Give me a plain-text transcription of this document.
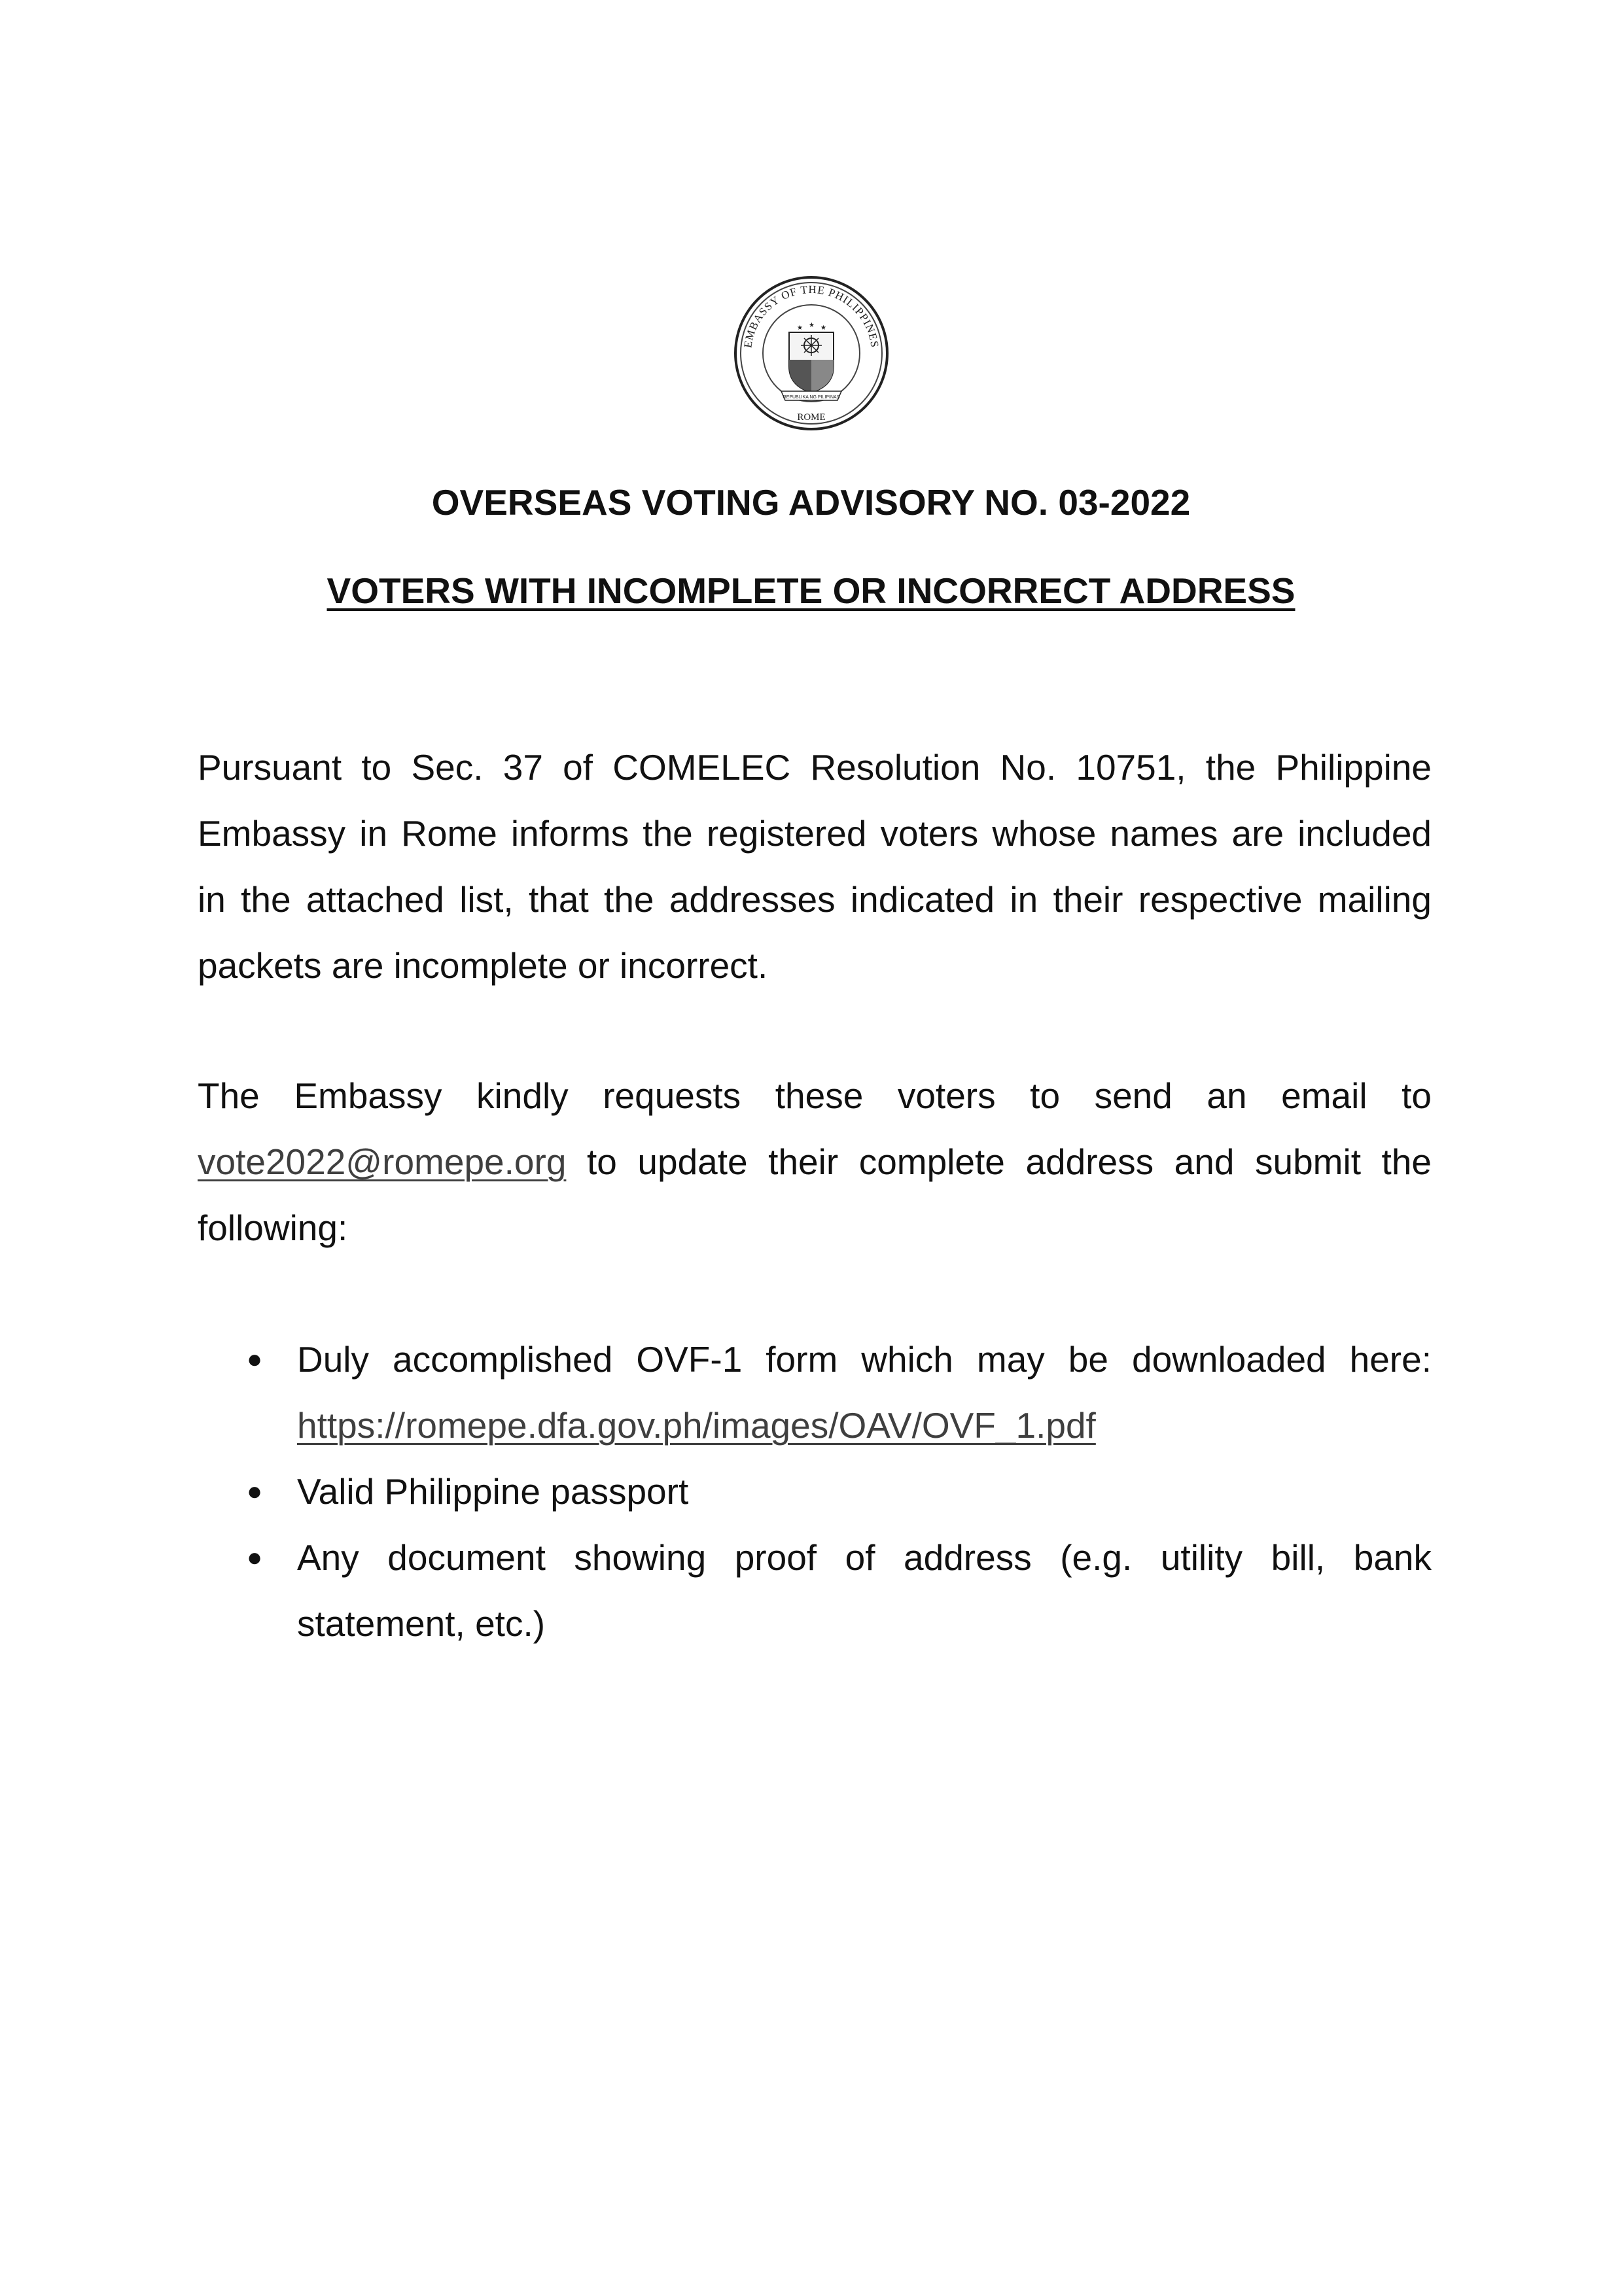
EMBASSY OF THE PHILIPPINES
ROME
★ ★ ★
REPUBLIKA NG PILIPINAS
OVERSEAS VOTING ADVISORY NO. 03-2022
VOTERS WITH INCOMPLETE OR INCORRECT ADDRESS

Pursuant to Sec. 37 of COMELEC Resolution No. 10751, the Philippine Embassy in Rome informs the registered voters whose names are included in the attached list, that the addresses indicated in their respective mailing packets are incomplete or incorrect.

The Embassy kindly requests these voters to send an email to vote2022@romepe.org to update their complete address and submit the following:

● Duly accomplished OVF-1 form which may be downloaded here: https://romepe.dfa.gov.ph/images/OAV/OVF_1.pdf
● Valid Philippine passport
● Any document showing proof of address (e.g. utility bill, bank statement, etc.)
